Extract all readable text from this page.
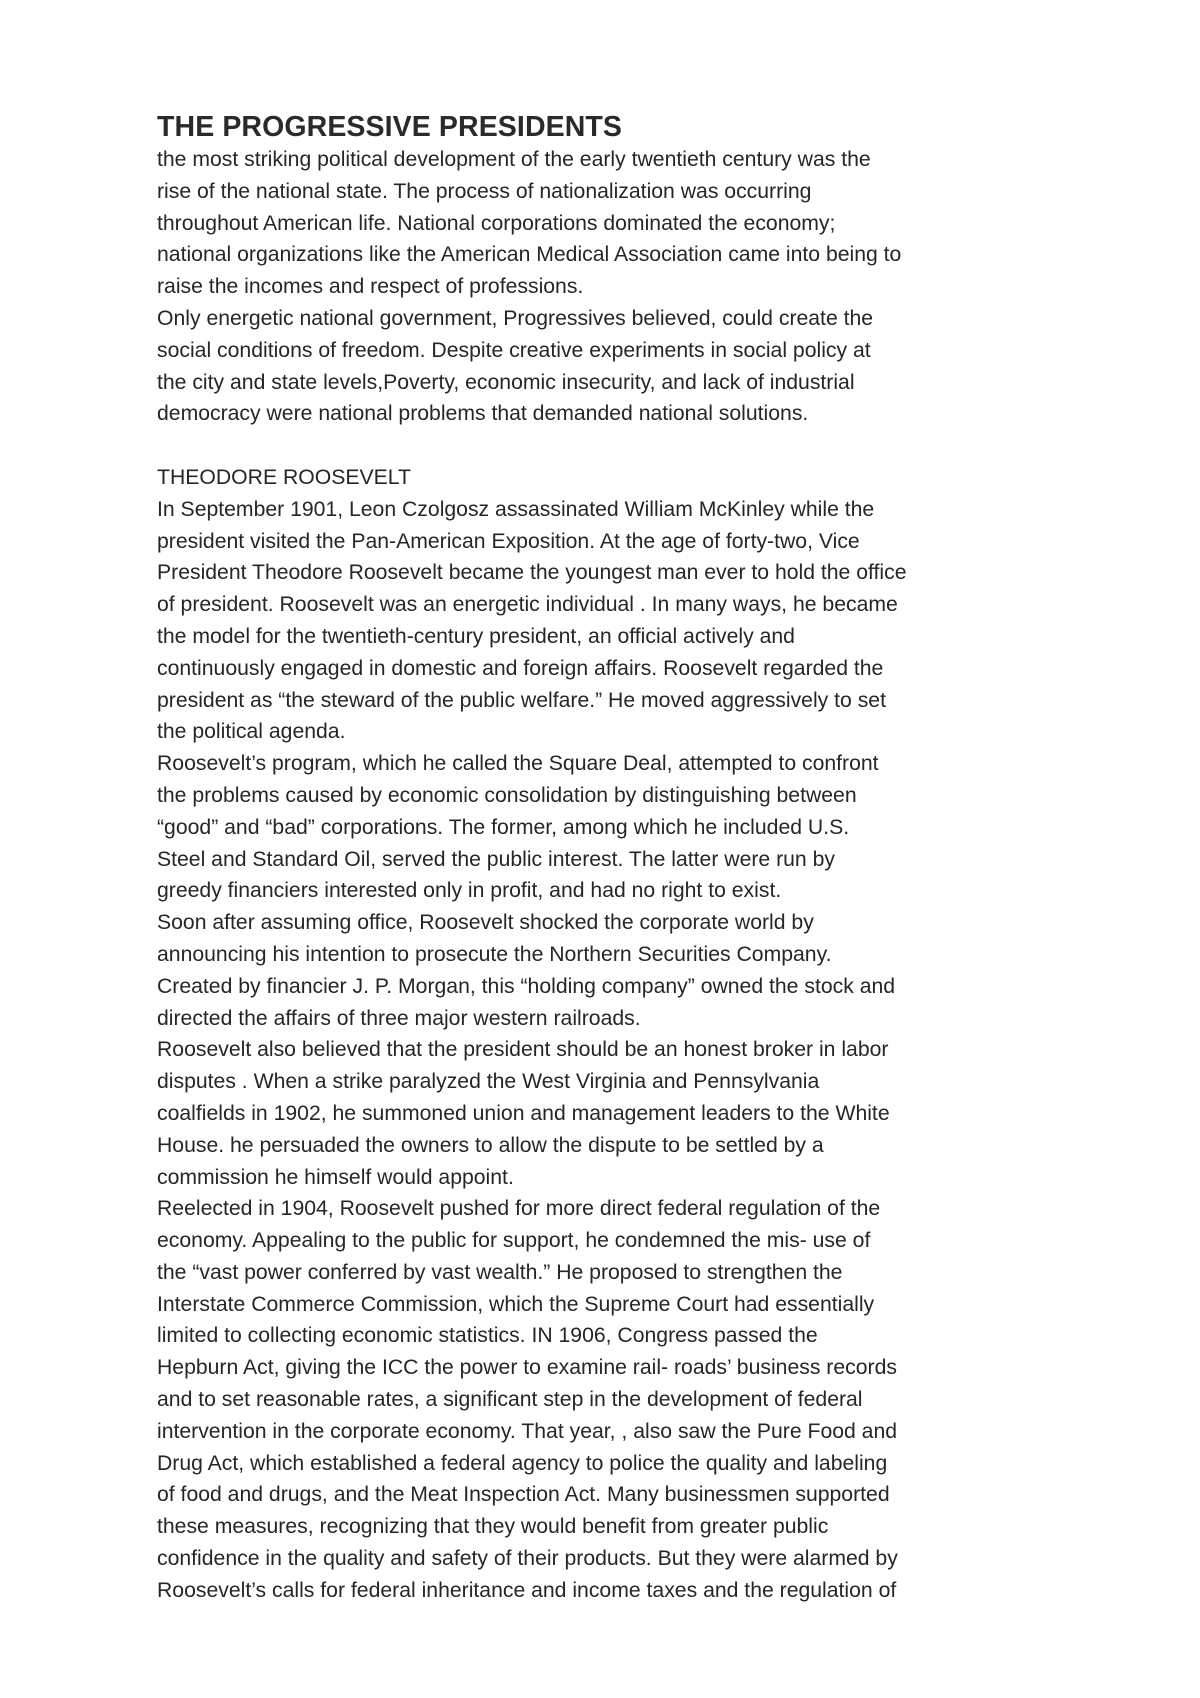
THE PROGRESSIVE PRESIDENTS

the most striking political development of the early twentieth century was the
rise of the national state. The process of nationalization was occurring
throughout American life. National corporations dominated the economy;
national organizations like the American Medical Association came into being to
raise the incomes and respect of professions.

Only energetic national government, Progressives believed, could create the
social conditions of freedom. Despite creative experiments in social policy at
the city and state levels,Poverty, economic insecurity, and lack of industrial
democracy were national problems that demanded national solutions.

THEODORE ROOSEVELT

In September 1901, Leon Czolgosz assassinated William McKinley while the
president visited the Pan-American Exposition. At the age of forty-two, Vice
President Theodore Roosevelt became the youngest man ever to hold the office
of president. Roosevelt was an energetic individual . In many ways, he became
the model for the twentieth-century president, an official actively and
continuously engaged in domestic and foreign affairs. Roosevelt regarded the
president as “the steward of the public welfare.” He moved aggressively to set
the political agenda.

Roosevelt’s program, which he called the Square Deal, attempted to confront
the problems caused by economic consolidation by distinguishing between
“good” and “bad” corporations. The former, among which he included U.S.
Steel and Standard Oil, served the public interest. The latter were run by
greedy financiers interested only in profit, and had no right to exist.

Soon after assuming office, Roosevelt shocked the corporate world by
announcing his intention to prosecute the Northern Securities Company.
Created by financier J. P. Morgan, this “holding company” owned the stock and
directed the affairs of three major western railroads.

Roosevelt also believed that the president should be an honest broker in labor
disputes . When a strike paralyzed the West Virginia and Pennsylvania
coalfields in 1902, he summoned union and management leaders to the White
House. he persuaded the owners to allow the dispute to be settled by a
commission he himself would appoint.

Reelected in 1904, Roosevelt pushed for more direct federal regulation of the
economy. Appealing to the public for support, he condemned the mis- use of
the “vast power conferred by vast wealth.” He proposed to strengthen the
Interstate Commerce Commission, which the Supreme Court had essentially
limited to collecting economic statistics. IN 1906, Congress passed the
Hepburn Act, giving the ICC the power to examine rail- roads’ business records
and to set reasonable rates, a significant step in the development of federal
intervention in the corporate economy. That year, , also saw the Pure Food and
Drug Act, which established a federal agency to police the quality and labeling
of food and drugs, and the Meat Inspection Act. Many businessmen supported
these measures, recognizing that they would benefit from greater public
confidence in the quality and safety of their products. But they were alarmed by
Roosevelt’s calls for federal inheritance and income taxes and the regulation of
